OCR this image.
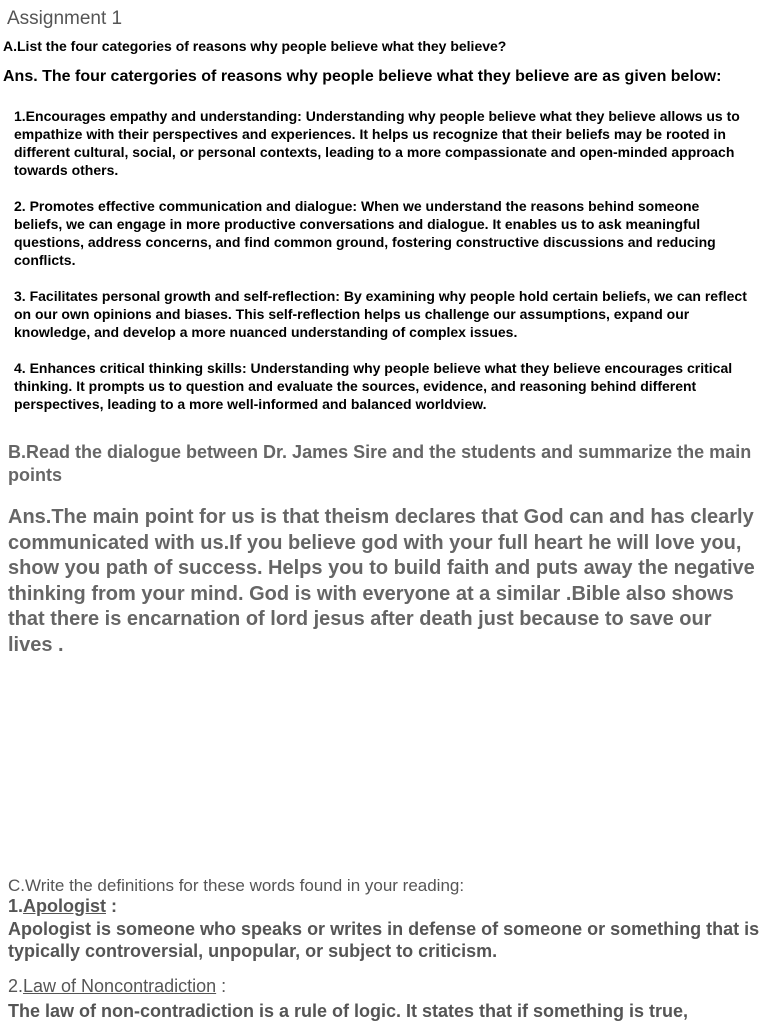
Assignment 1
A.List the four categories of reasons why people believe what they believe?
Ans. The four catergories of reasons why people believe what they believe are as given below:
1.Encourages empathy and understanding: Understanding why people believe what they believe allows us to empathize with their perspectives and experiences. It helps us recognize that their beliefs may be rooted in different cultural, social, or personal contexts, leading to a more compassionate and open-minded approach towards others.
2. Promotes effective communication and dialogue: When we understand the reasons behind someone beliefs, we can engage in more productive conversations and dialogue. It enables us to ask meaningful questions, address concerns, and find common ground, fostering constructive discussions and reducing conflicts.
3. Facilitates personal growth and self-reflection: By examining why people hold certain beliefs, we can reflect on our own opinions and biases. This self-reflection helps us challenge our assumptions, expand our knowledge, and develop a more nuanced understanding of complex issues.
4. Enhances critical thinking skills: Understanding why people believe what they believe encourages critical thinking. It prompts us to question and evaluate the sources, evidence, and reasoning behind different perspectives, leading to a more well-informed and balanced worldview.
B.Read the dialogue between Dr. James Sire and the students and summarize the main points
Ans.The main point for us is that theism declares that God can and has clearly communicated with us.If you believe god with your full heart he will love you, show you path of success. Helps you to build faith and puts away the negative thinking from your mind. God is with everyone at a similar .Bible also shows that there is encarnation of lord jesus after death just because to save our lives .
C.Write the definitions for these words found in your reading:
1.Apologist :
Apologist is someone who speaks or writes in defense of someone or something that is typically controversial, unpopular, or subject to criticism.
2.Law of Noncontradiction :
The law of non-contradiction is a rule of logic. It states that if something is true,
